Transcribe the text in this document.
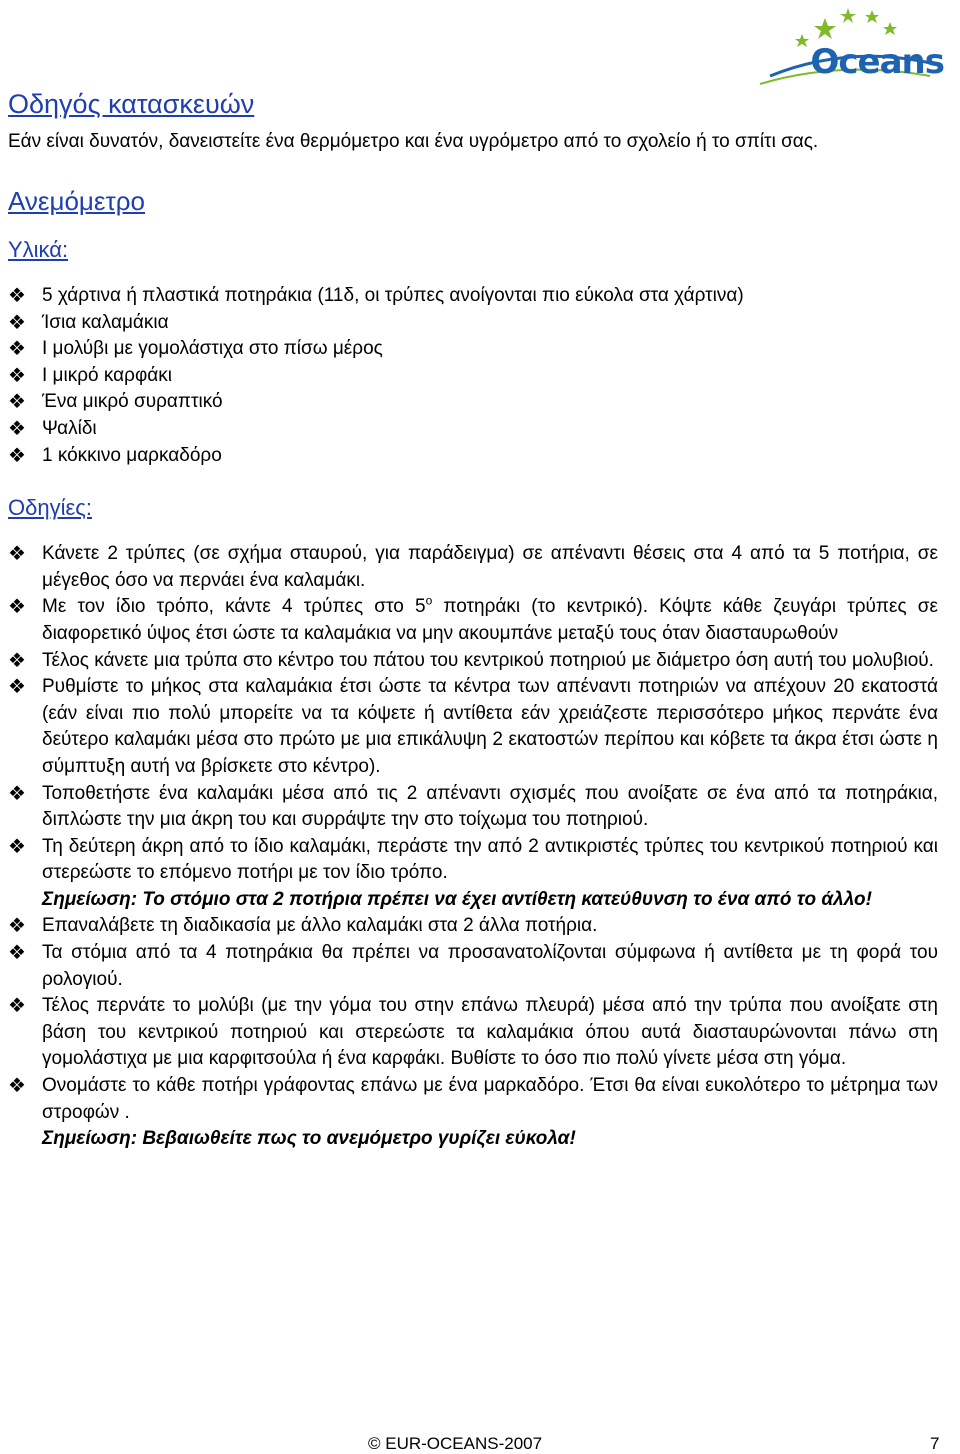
Oceans
Οδηγός κατασκευών

Εάν είναι δυνατόν, δανειστείτε ένα θερμόμετρο και ένα υγρόμετρο από το σχολείο ή το σπίτι σας.

Ανεμόμετρο
Υλικά:
❖ 5 χάρτινα ή πλαστικά ποτηράκια (11δ, οι τρύπες ανοίγονται πιο εύκολα στα χάρτινα)
❖ Ίσια καλαμάκια
❖ Ι μολύβι με γομολάστιχα στο πίσω μέρος
❖ Ι μικρό καρφάκι
❖ Ένα μικρό συραπτικό
❖ Ψαλίδι
❖ 1 κόκκινο μαρκαδόρο
Οδηγίες:
❖ Κάνετε 2 τρύπες (σε σχήμα σταυρού, για παράδειγμα) σε απέναντι θέσεις στα 4 από τα 5 ποτήρια, σε μέγεθος όσο να περνάει ένα καλαμάκι.
❖ Με τον ίδιο τρόπο, κάντε 4 τρύπες στο $5^o$ ποτηράκι (το κεντρικό). Κόψτε κάθε ζευγάρι τρύπες σε διαφορετικό ύψος έτσι ώστε τα καλαμάκια να μην ακουμπάνε μεταξύ τους όταν διασταυρωθούν
❖ Τέλος κάνετε μια τρύπα στο κέντρο του πάτου του κεντρικού ποτηριού με διάμετρο όση αυτή του μολυβιού.
❖ Ρυθμίστε το μήκος στα καλαμάκια έτσι ώστε τα κέντρα των απέναντι ποτηριών να απέχουν 20 εκατοστά (εάν είναι πιο πολύ μπορείτε να τα κόψετε ή αντίθετα εάν χρειάζεστε περισσότερο μήκος περνάτε ένα δεύτερο καλαμάκι μέσα στο πρώτο με μια επικάλυψη 2 εκατοστών περίπου και κόβετε τα άκρα έτσι ώστε η σύμπτυξη αυτή να βρίσκετε στο κέντρο).
❖ Τοποθετήστε ένα καλαμάκι μέσα από τις 2 απέναντι σχισμές που ανοίξατε σε ένα από τα ποτηράκια, διπλώστε την μια άκρη του και συρράψτε την στο τοίχωμα του ποτηριού.
❖ Τη δεύτερη άκρη από το ίδιο καλαμάκι, περάστε την από 2 αντικριστές τρύπες του κεντρικού ποτηριού και στερεώστε το επόμενο ποτήρι με τον ίδιο τρόπο.
Σημείωση: Το στόμιο στα 2 ποτήρια πρέπει να έχει αντίθετη κατεύθυνση το ένα από το άλλο!
❖ Επαναλάβετε τη διαδικασία με άλλο καλαμάκι στα 2 άλλα ποτήρια.
❖ Τα στόμια από τα 4 ποτηράκια θα πρέπει να προσανατολίζονται σύμφωνα ή αντίθετα με τη φορά του ρολογιού.
❖ Τέλος περνάτε το μολύβι (με την γόμα του στην επάνω πλευρά) μέσα από την τρύπα που ανοίξατε στη βάση του κεντρικού ποτηριού και στερεώστε τα καλαμάκια όπου αυτά διασταυρώνονται πάνω στη γομολάστιχα με μια καρφιτσούλα ή ένα καρφάκι. Βυθίστε το όσο πιο πολύ γίνετε μέσα στη γόμα.
❖ Ονομάστε το κάθε ποτήρι γράφοντας επάνω με ένα μαρκαδόρο. Έτσι θα είναι ευκολότερο το μέτρημα των στροφών .
Σημείωση: Βεβαιωθείτε πως το ανεμόμετρο γυρίζει εύκολα!
© EUR-OCEANS-2007	7
